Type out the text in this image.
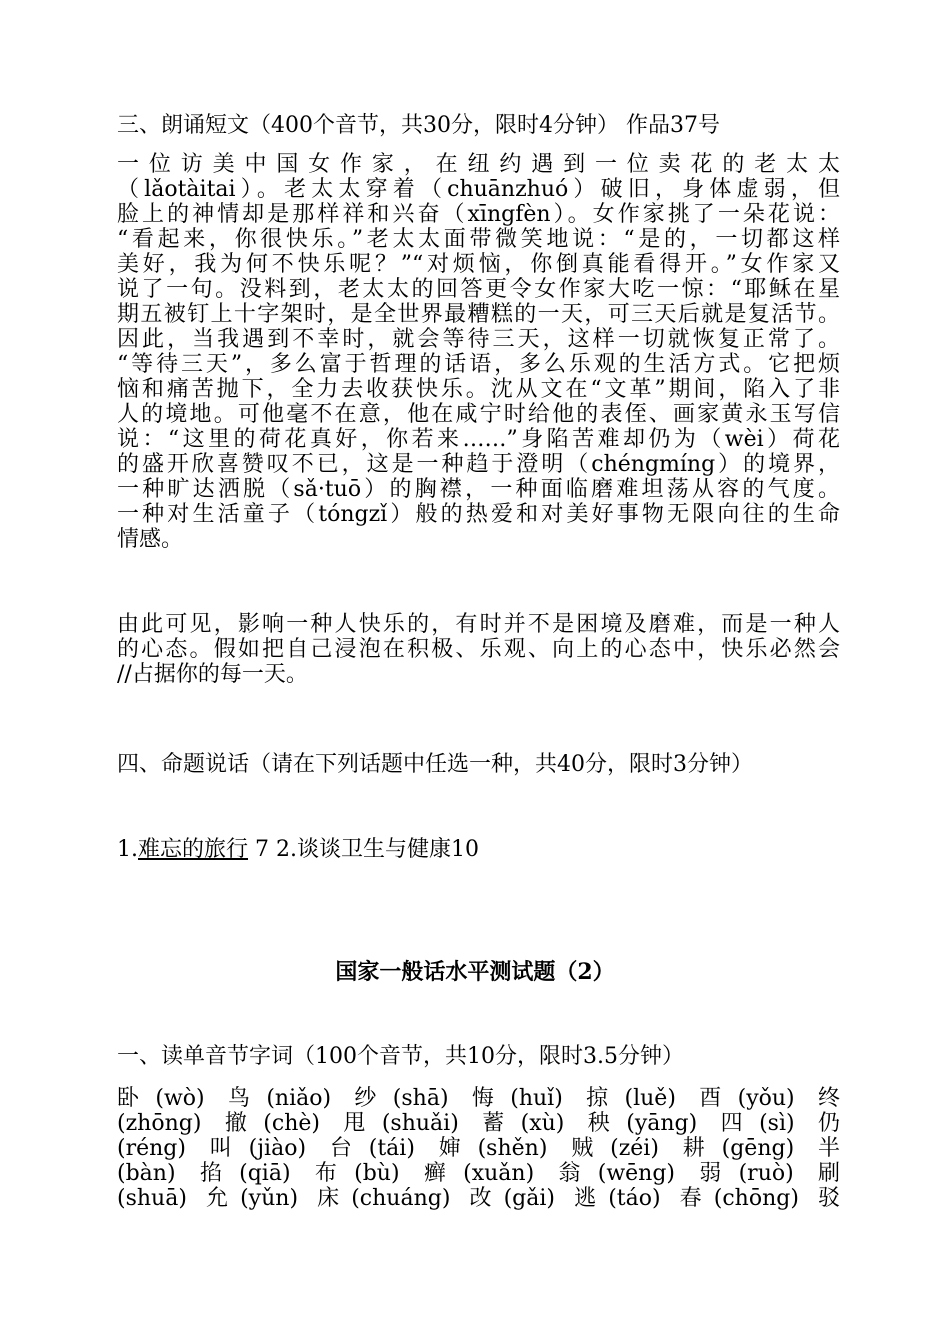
三、朗诵短文（400个音节，共30分，限时4分钟） 作品37号
一位访美中国女作家，在纽约遇到一位卖花的老太太
（lǎotàitai）。老太太穿着（chuānzhuó）破旧，身体虚弱，但
脸上的神情却是那样祥和兴奋（xīngfèn）。女作家挑了一朵花说：
“看起来，你很快乐。”老太太面带微笑地说：“是的，一切都这样
美好，我为何不快乐呢？”“对烦恼，你倒真能看得开。”女作家又
说了一句。没料到，老太太的回答更令女作家大吃一惊：“耶稣在星
期五被钉上十字架时，是全世界最糟糕的一天，可三天后就是复活节。
因此，当我遇到不幸时，就会等待三天，这样一切就恢复正常了。
“等待三天”，多么富于哲理的话语，多么乐观的生活方式。它把烦
恼和痛苦抛下，全力去收获快乐。沈从文在“文革”期间，陷入了非
人的境地。可他毫不在意，他在咸宁时给他的表侄、画家黄永玉写信
说：“这里的荷花真好，你若来……”身陷苦难却仍为（wèi）荷花
的盛开欣喜赞叹不已，这是一种趋于澄明（chéngmíng）的境界，
一种旷达洒脱（sǎ·tuō）的胸襟，一种面临磨难坦荡从容的气度。
一种对生活童子（tóngzǐ）般的热爱和对美好事物无限向往的生命
情感。
由此可见，影响一种人快乐的，有时并不是困境及磨难，而是一种人
的心态。假如把自己浸泡在积极、乐观、向上的心态中，快乐必然会
//占据你的每一天。
四、命题说话（请在下列话题中任选一种，共40分，限时3分钟）
1.难忘的旅行 7 2.谈谈卫生与健康10
国家一般话水平测试题（2）
一、读单音节字词（100个音节，共10分，限时3.5分钟）
卧(wò) 鸟(niǎo) 纱(shā) 悔(huǐ) 掠(luě) 酉(yǒu) 终
(zhōng) 撤(chè) 甩(shuǎi) 蓄(xù) 秧(yāng) 四(sì) 仍
(réng) 叫(jiào) 台(tái) 婶(shěn) 贼(zéi) 耕(gēng) 半
(bàn) 掐(qiā) 布(bù) 癣(xuǎn) 翁(wēng) 弱(ruò) 刷
(shuā) 允(yǔn) 床(chuáng) 改(gǎi) 逃(táo) 春(chōng) 驳
